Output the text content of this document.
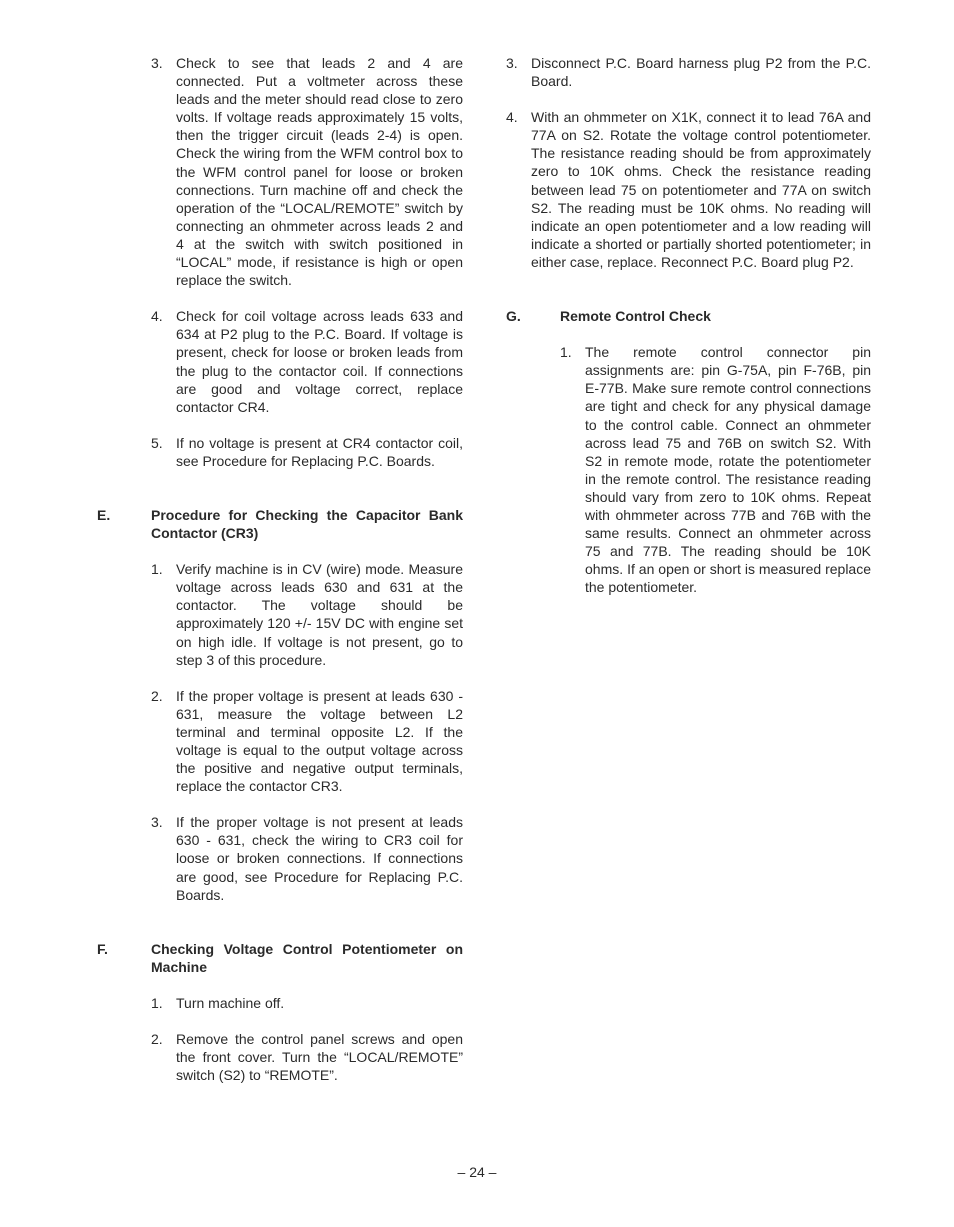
3. Check to see that leads 2 and 4 are connected. Put a voltmeter across these leads and the meter should read close to zero volts. If voltage reads approximately 15 volts, then the trigger circuit (leads 2-4) is open. Check the wiring from the WFM control box to the WFM control panel for loose or broken connections. Turn machine off and check the operation of the “LOCAL/REMOTE” switch by connecting an ohmmeter across leads 2 and 4 at the switch with switch positioned in “LOCAL” mode, if resistance is high or open replace the switch.
4. Check for coil voltage across leads 633 and 634 at P2 plug to the P.C. Board. If voltage is present, check for loose or broken leads from the plug to the contactor coil. If connections are good and voltage correct, replace contactor CR4.
5. If no voltage is present at CR4 contactor coil, see Procedure for Replacing P.C. Boards.
E.	Procedure for Checking the Capacitor Bank Contactor (CR3)
1. Verify machine is in CV (wire) mode. Measure voltage across leads 630 and 631 at the contactor. The voltage should be approximately 120 +/- 15V DC with engine set on high idle. If voltage is not present, go to step 3 of this procedure.
2. If the proper voltage is present at leads 630 - 631, measure the voltage between L2 terminal and terminal opposite L2. If the voltage is equal to the output voltage across the positive and negative output terminals, replace the contactor CR3.
3. If the proper voltage is not present at leads 630 - 631, check the wiring to CR3 coil for loose or broken connections. If connections are good, see Procedure for Replacing P.C. Boards.
F.	Checking Voltage Control Potentiometer on Machine
1. Turn machine off.
2. Remove the control panel screws and open the front cover. Turn the “LOCAL/REMOTE” switch (S2) to “REMOTE”.
3. Disconnect P.C. Board harness plug P2 from the P.C. Board.
4. With an ohmmeter on X1K, connect it to lead 76A and 77A on S2. Rotate the voltage control potentiometer. The resistance reading should be from approximately zero to 10K ohms. Check the resistance reading between lead 75 on potentiometer and 77A on switch S2. The reading must be 10K ohms. No reading will indicate an open potentiometer and a low reading will indicate a shorted or partially shorted potentiometer; in either case, replace. Reconnect P.C. Board plug P2.
G.	Remote Control Check
1. The remote control connector pin assignments are: pin G-75A, pin F-76B, pin E-77B. Make sure remote control connections are tight and check for any physical damage to the control cable. Connect an ohmmeter across lead 75 and 76B on switch S2. With S2 in remote mode, rotate the potentiometer in the remote control. The resistance reading should vary from zero to 10K ohms. Repeat with ohmmeter across 77B and 76B with the same results. Connect an ohmmeter across 75 and 77B. The reading should be 10K ohms. If an open or short is measured replace the potentiometer.
– 24 –
